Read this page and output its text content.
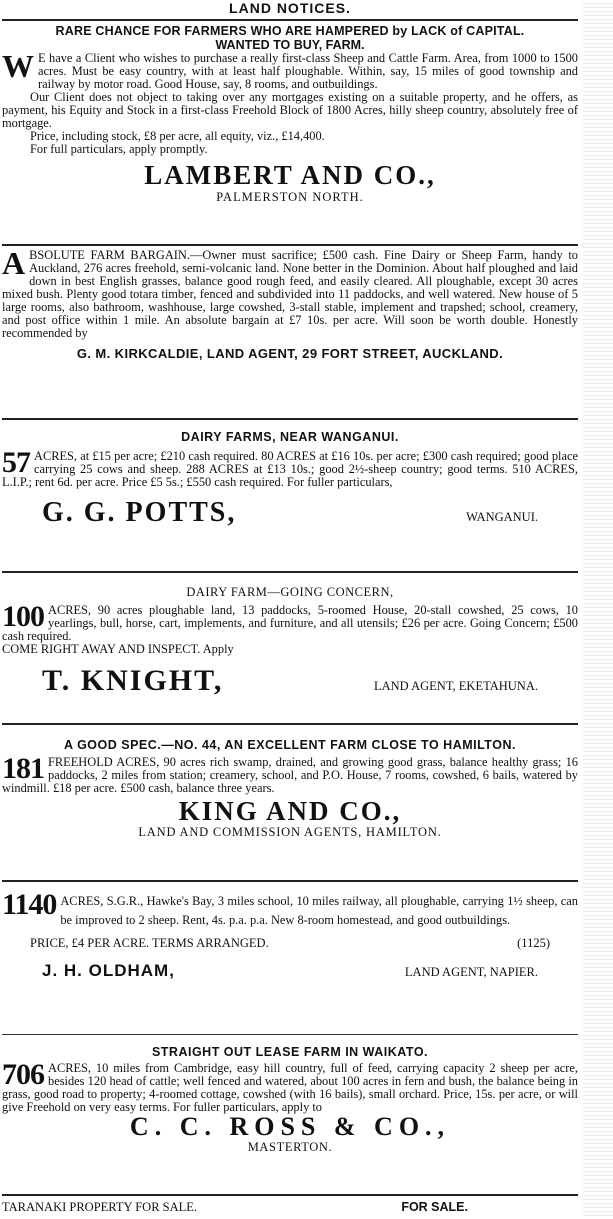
LAND NOTICES.
RARE CHANCE FOR FARMERS WHO ARE HAMPERED by LACK of CAPITAL.
WANTED TO BUY, FARM.

W E have a Client who wishes to purchase a really first-class Sheep and Cattle Farm. Area, from 1000 to 1500 acres. Must be easy country, with at least half ploughable. Within, say, 15 miles of good township and railway by motor road. Good House, say, 8 rooms, and outbuildings.

Our Client does not object to taking over any mortgages existing on a suitable property, and he offers, as payment, his Equity and Stock in a first-class Freehold Block of 1800 Acres, hilly sheep country, absolutely free of mortgage.

Price, including stock, £8 per acre, all equity, viz., £14,400.

For full particulars, apply promptly.

LAMBERT AND CO.,
PALMERSTON NORTH.

ABSOLUTE FARM BARGAIN.—Owner must sacrifice; £500 cash. Fine Dairy or Sheep Farm, handy to Auckland, 276 acres freehold, semi-volcanic land. None better in the Dominion. About half ploughed and laid down in best English grasses, balance good rough feed, and easily cleared. All ploughable, except 30 acres mixed bush. Plenty good totara timber, fenced and subdivided into 11 paddocks, and well watered. New house of 5 large rooms, also bathroom, washhouse, large cowshed, 3-stall stable, implement and trapshed; school, creamery, and post office within 1 mile. An absolute bargain at £7 10s. per acre. Will soon be worth double. Honestly recommended by

G. M. KIRKCALDIE, LAND AGENT, 29 FORT STREET, AUCKLAND.
DAIRY FARMS, NEAR WANGANUI.

57 ACRES, at £15 per acre; £210 cash required. 80 ACRES at £16 10s. per acre; £300 cash required; good place carrying 25 cows and sheep. 288 ACRES at £13 10s.; good 2½-sheep country; good terms. 510 ACRES, L.I.P.; rent 6d. per acre. Price £5 5s.; £550 cash required. For fuller particulars,

G. G. POTTS,	WANGANUI.
DAIRY FARM—GOING CONCERN,

100 ACRES, 90 acres ploughable land, 13 paddocks, 5-roomed House, 20-stall cowshed, 25 cows, 10 yearlings, bull, horse, cart, implements, and furniture, and all utensils; £26 per acre. Going Concern; £500 cash required.

COME RIGHT AWAY AND INSPECT. Apply

T. KNIGHT,	LAND AGENT, EKETAHUNA.
A GOOD SPEC.—NO. 44, AN EXCELLENT FARM CLOSE TO HAMILTON.

181 FREEHOLD ACRES, 90 acres rich swamp, drained, and growing good grass, balance healthy grass; 16 paddocks, 2 miles from station; creamery, school, and P.O. House, 7 rooms, cowshed, 6 bails, watered by windmill. £18 per acre. £500 cash, balance three years.

KING AND CO.,
LAND AND COMMISSION AGENTS, HAMILTON.

1140 ACRES, S.G.R., Hawke's Bay, 3 miles school, 10 miles railway, all ploughable, carrying 1½ sheep, can be improved to 2 sheep. Rent, 4s. p.a. p.a. New 8-room homestead, and good outbuildings.

PRICE, £4 PER ACRE. TERMS ARRANGED.	(1125)
J. H. OLDHAM,	LAND AGENT, NAPIER.
STRAIGHT OUT LEASE FARM IN WAIKATO.

706 ACRES, 10 miles from Cambridge, easy hill country, full of feed, carrying capacity 2 sheep per acre, besides 120 head of cattle; well fenced and watered, about 100 acres in fern and bush, the balance being in grass, good road to property; 4-roomed cottage, cowshed (with 16 bails), small orchard. Price, 15s. per acre, or will give Freehold on very easy terms. For fuller particulars, apply to

C. C. ROSS & CO.,
MASTERTON.
TARANAKI PROPERTY FOR SALE.	FOR SALE.
